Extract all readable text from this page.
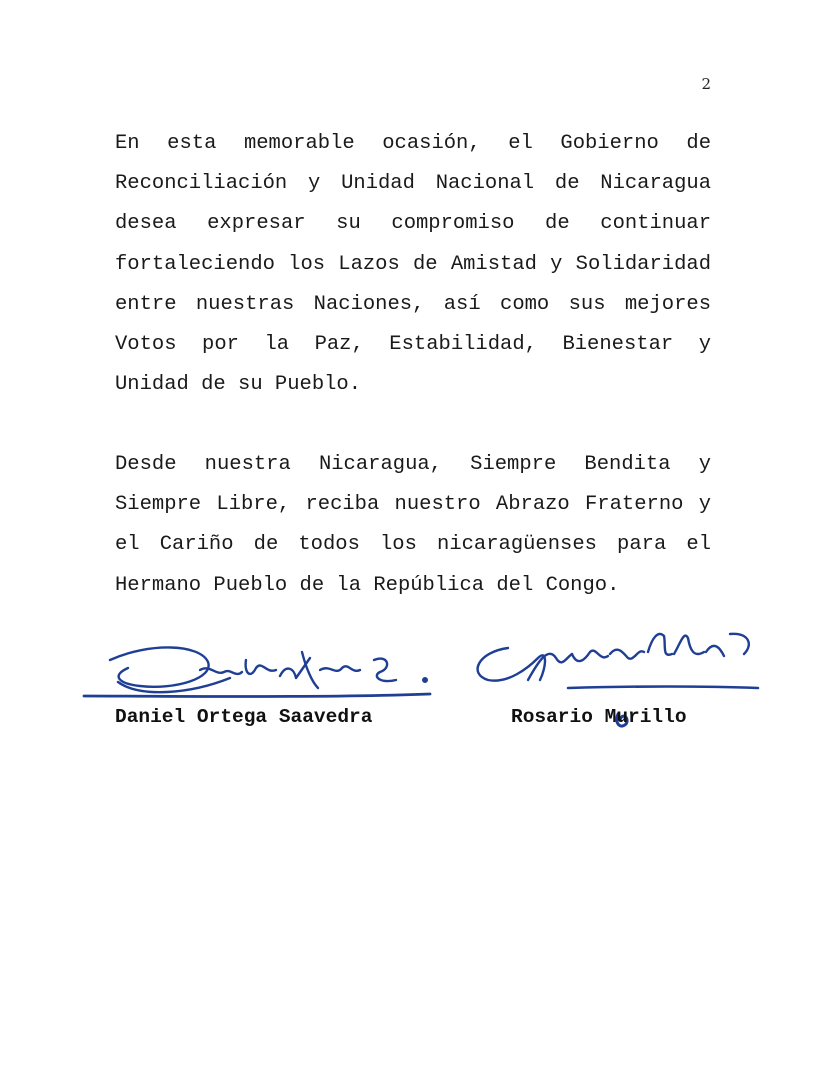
2

En esta memorable ocasión, el Gobierno de Reconciliación y Unidad Nacional de Nicaragua desea expresar su compromiso de continuar fortaleciendo los Lazos de Amistad y Solidaridad entre nuestras Naciones, así como sus mejores Votos por la Paz, Estabilidad, Bienestar y Unidad de su Pueblo.

Desde nuestra Nicaragua, Siempre Bendita y Siempre Libre, reciba nuestro Abrazo Fraterno y el Cariño de todos los nicaragüenses para el Hermano Pueblo de la República del Congo.

Daniel Ortega Saavedra	Rosario Murillo
